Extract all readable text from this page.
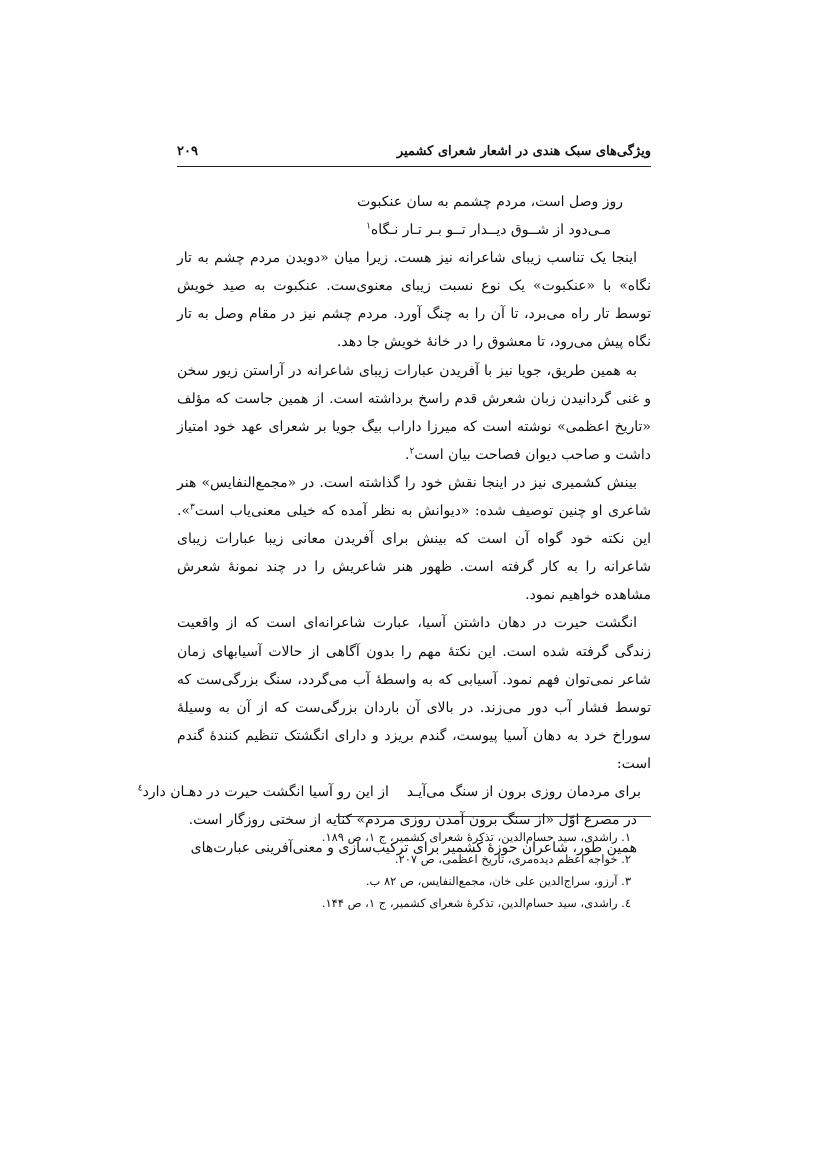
ویژگی‌های سبک هندی در اشعار شعرای کشمیر
۲۰۹

روز وصل است، مردم چشمم به سان عنکبوت

مـی‌دود از شــوق دیــدار تــو بـر تـار نـگاه$^۱$

اینجا یک تناسب زیبای شاعرانه نیز هست. زیرا میان «دویدن مردم چشم به تار نگاه» با «عنکبوت» یک نوع نسبت زیبای معنوی‌ست. عنکبوت به صید خویش توسط تار راه می‌برد، تا آن را به چنگ آورد. مردم چشم نیز در مقام وصل به تار نگاه پیش می‌رود، تا معشوق را در خانهٔ خویش جا دهد.

به همین طریق، جویا نیز با آفریدن عبارات زیبای شاعرانه در آراستن زیور سخن و غنی گردانیدن زبان شعرش قدم راسخ برداشته است. از همین جاست که مؤلف «تاریخ اعظمی» نوشته است که میرزا داراب بیگ جویا بر شعرای عهد خود امتیاز داشت و صاحب دیوان فصاحت بیان است$^۲$.

بینش کشمیری نیز در اینجا نقش خود را گذاشته است. در «مجمع‌النفایس» هنر شاعری او چنین توصیف شده: «دیوانش به نظر آمده که خیلی معنی‌یاب است$^۳$». این نکته خود گواه آن است که بینش برای آفریدن معانی زیبا عبارات زیبای شاعرانه را به کار گرفته است. ظهور هنر شاعریش را در چند نمونهٔ شعرش مشاهده خواهیم نمود.

انگشت حیرت در دهان داشتن آسیا، عبارت شاعرانه‌ای است که از واقعیت زندگی گرفته شده است. این نکتهٔ مهم را بدون آگاهی از حالات آسیابهای زمان شاعر نمی‌توان فهم نمود. آسیابی که به واسطهٔ آب می‌گردد، سنگ بزرگی‌ست که توسط فشار آب دور می‌زند. در بالای آن باردان بزرگی‌ست که از آن به وسیلهٔ سوراخ خرد به دهان آسیا پیوست، گندم بریزد و دارای انگشتک تنظیم کنندهٔ گندم است:

برای مردمان روزی برون از سنگ می‌آیـداز این رو آسیا انگشت حیرت در دهـان دارد$^٤$

در مصرع اوّل «از سنگ برون آمدن روزی مردم» کنایه از سختی روزگار است.

همین طور، شاعران حوزهٔ کشمیر برای ترکیب‌سازی و معنی‌آفرینی عبارت‌های

۱. راشدی، سید حسام‌الدین، تذکرهٔ شعرای کشمیر، ج ۱، ص ۱۸۹.

۲. خواجه اعظم دیده‌مری، تاریخ اعظمی، ص ۲۰۷.

۳. آرزو، سراج‌الدین علی خان، مجمع‌النفایس، ص ۸۲ ب.

٤. راشدی، سید حسام‌الدین، تذکرهٔ شعرای کشمیر، ج ۱، ص ۱۴۴.
